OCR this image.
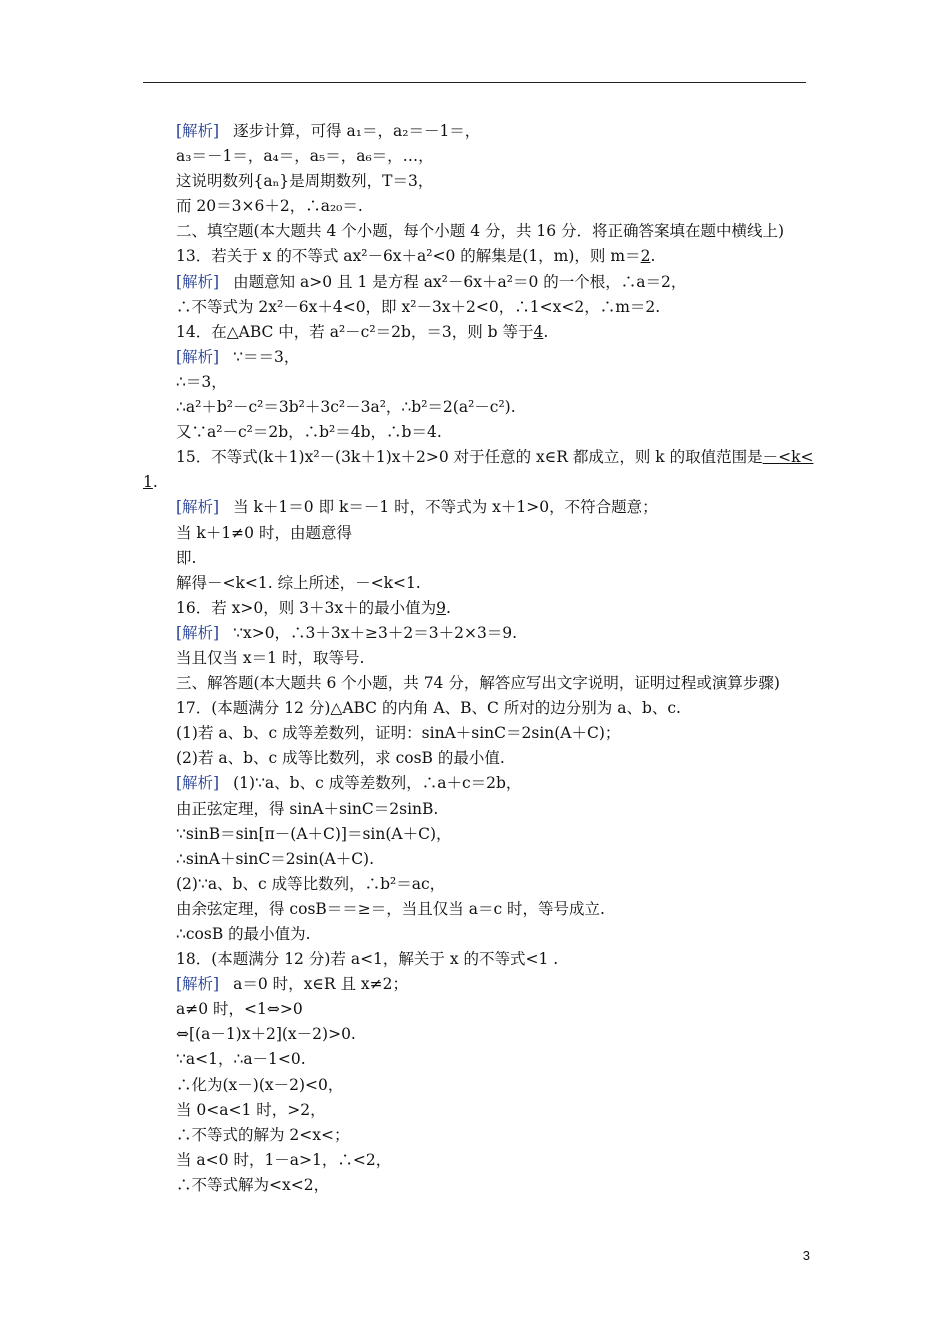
[解析] 逐步计算，可得 a₁＝，a₂＝－1＝，
a₃＝－1＝，a₄＝，a₅＝，a₆＝，…，
这说明数列{aₙ}是周期数列，T＝3，
而 20＝3×6＋2，∴a₂₀＝.
二、填空题(本大题共 4 个小题，每个小题 4 分，共 16 分．将正确答案填在题中横线上)
13．若关于 x 的不等式 ax²－6x＋a²<0 的解集是(1，m)，则 m＝2.
[解析] 由题意知 a>0 且 1 是方程 ax²－6x＋a²＝0 的一个根，∴a＝2，
∴不等式为 2x²－6x＋4<0，即 x²－3x＋2<0，∴1<x<2，∴m＝2.
14．在△ABC 中，若 a²－c²＝2b，＝3，则 b 等于4.
[解析] ∵＝＝3，
∴＝3，
∴a²＋b²－c²＝3b²＋3c²－3a²，∴b²＝2(a²－c²).
又∵a²－c²＝2b，∴b²＝4b，∴b＝4.
15．不等式(k＋1)x²－(3k＋1)x＋2>0 对于任意的 x∈R 都成立，则 k 的取值范围是－<k<
1.
[解析] 当 k＋1＝0 即 k＝－1 时，不等式为 x＋1>0，不符合题意；
当 k＋1≠0 时，由题意得
即.
解得－<k<1. 综上所述，－<k<1.
16．若 x>0，则 3＋3x＋的最小值为9.
[解析] ∵x>0，∴3＋3x＋≥3＋2＝3＋2×3＝9.
当且仅当 x＝1 时，取等号.
三、解答题(本大题共 6 个小题，共 74 分，解答应写出文字说明，证明过程或演算步骤)
17．(本题满分 12 分)△ABC 的内角 A、B、C 所对的边分别为 a、b、c.
(1)若 a、b、c 成等差数列，证明：sinA＋sinC＝2sin(A＋C)；
(2)若 a、b、c 成等比数列，求 cosB 的最小值.
[解析] (1)∵a、b、c 成等差数列，∴a＋c＝2b，
由正弦定理，得 sinA＋sinC＝2sinB.
∵sinB＝sin[π－(A＋C)]＝sin(A＋C)，
∴sinA＋sinC＝2sin(A＋C).
(2)∵a、b、c 成等比数列，∴b²＝ac，
由余弦定理，得 cosB＝＝≥＝，当且仅当 a＝c 时，等号成立.
∴cosB 的最小值为.
18．(本题满分 12 分)若 a<1，解关于 x 的不等式<1 .
[解析] a＝0 时，x∈R 且 x≠2；
a≠0 时，<1⇔>0
⇔[(a－1)x＋2](x－2)>0.
∵a<1，∴a－1<0.
∴化为(x－)(x－2)<0，
当 0<a<1 时，>2，
∴不等式的解为 2<x<；
当 a<0 时，1－a>1，∴<2，
∴不等式解为<x<2，
3
